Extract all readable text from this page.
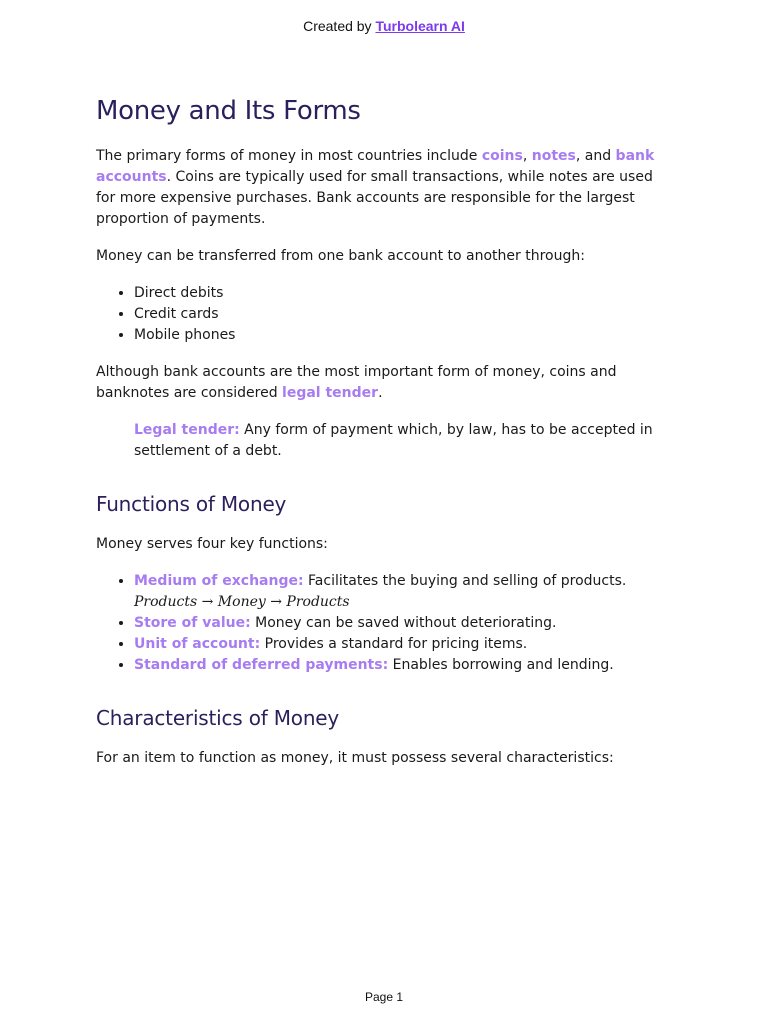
Created by Turbolearn AI
Money and Its Forms

The primary forms of money in most countries include coins, notes, and bank accounts. Coins are typically used for small transactions, while notes are used for more expensive purchases. Bank accounts are responsible for the largest proportion of payments.

Money can be transferred from one bank account to another through:

• Direct debits
• Credit cards
• Mobile phones

Although bank accounts are the most important form of money, coins and banknotes are considered legal tender.

Legal tender: Any form of payment which, by law, has to be accepted in settlement of a debt.
Functions of Money

Money serves four key functions:

• Medium of exchange: Facilitates the buying and selling of products.
Products → Money → Products
• Store of value: Money can be saved without deteriorating.
• Unit of account: Provides a standard for pricing items.
• Standard of deferred payments: Enables borrowing and lending.
Characteristics of Money

For an item to function as money, it must possess several characteristics:

Page 1
